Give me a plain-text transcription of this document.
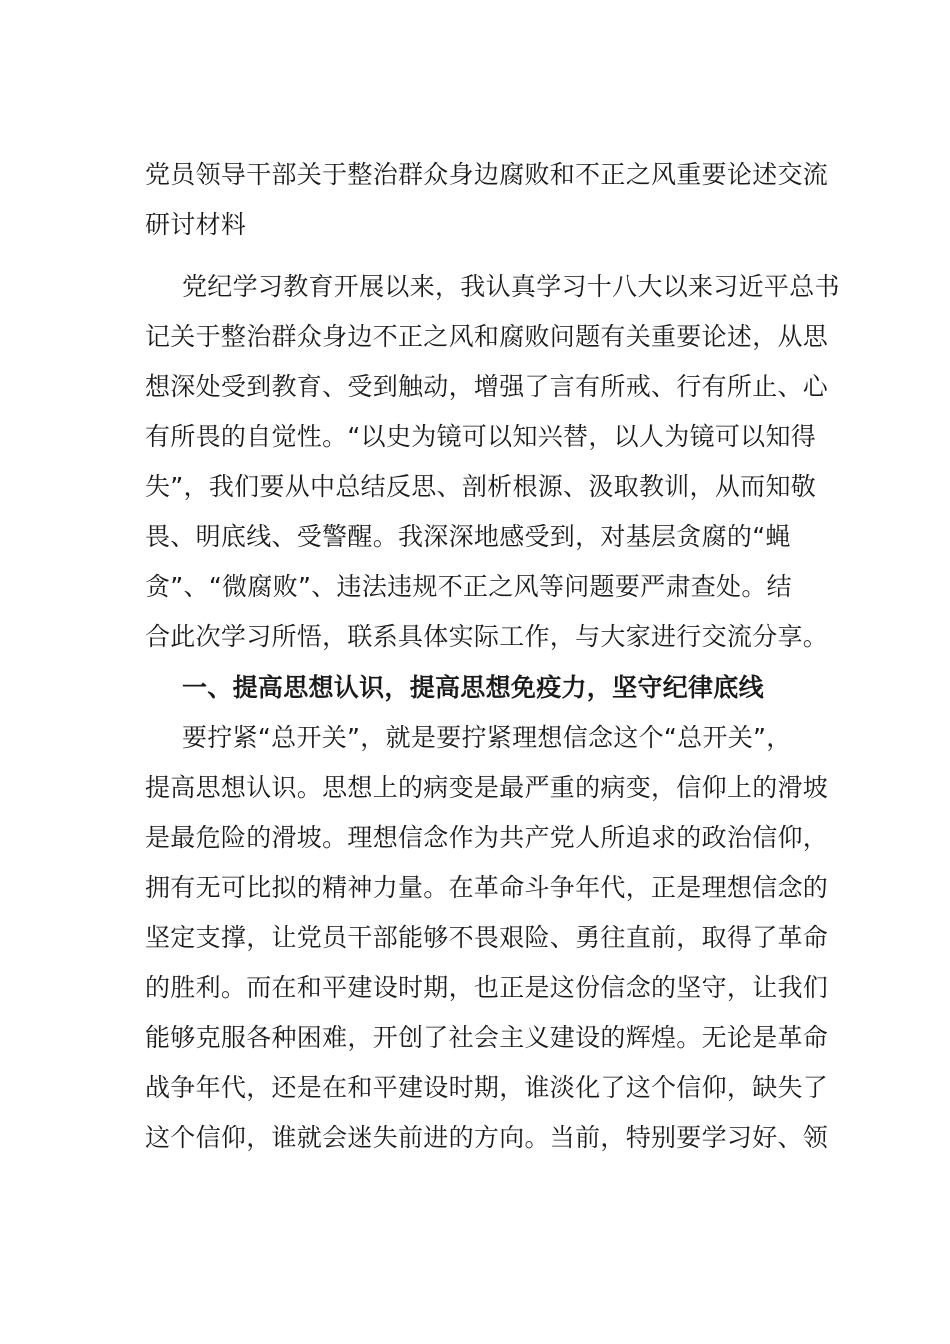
党员领导干部关于整治群众身边腐败和不正之风重要论述交流
研讨材料
党纪学习教育开展以来，我认真学习十八大以来习近平总书
记关于整治群众身边不正之风和腐败问题有关重要论述，从思
想深处受到教育、受到触动，增强了言有所戒、行有所止、心
有所畏的自觉性。“以史为镜可以知兴替，以人为镜可以知得
失”，我们要从中总结反思、剖析根源、汲取教训，从而知敬
畏、明底线、受警醒。我深深地感受到，对基层贪腐的“蝇
贪”、“微腐败”、违法违规不正之风等问题要严肃查处。结
合此次学习所悟，联系具体实际工作，与大家进行交流分享。
一、提高思想认识，提高思想免疫力，坚守纪律底线
要拧紧“总开关”，就是要拧紧理想信念这个“总开关”，
提高思想认识。思想上的病变是最严重的病变，信仰上的滑坡
是最危险的滑坡。理想信念作为共产党人所追求的政治信仰，
拥有无可比拟的精神力量。在革命斗争年代，正是理想信念的
坚定支撑，让党员干部能够不畏艰险、勇往直前，取得了革命
的胜利。而在和平建设时期，也正是这份信念的坚守，让我们
能够克服各种困难，开创了社会主义建设的辉煌。无论是革命
战争年代，还是在和平建设时期，谁淡化了这个信仰，缺失了
这个信仰，谁就会迷失前进的方向。当前，特别要学习好、领
